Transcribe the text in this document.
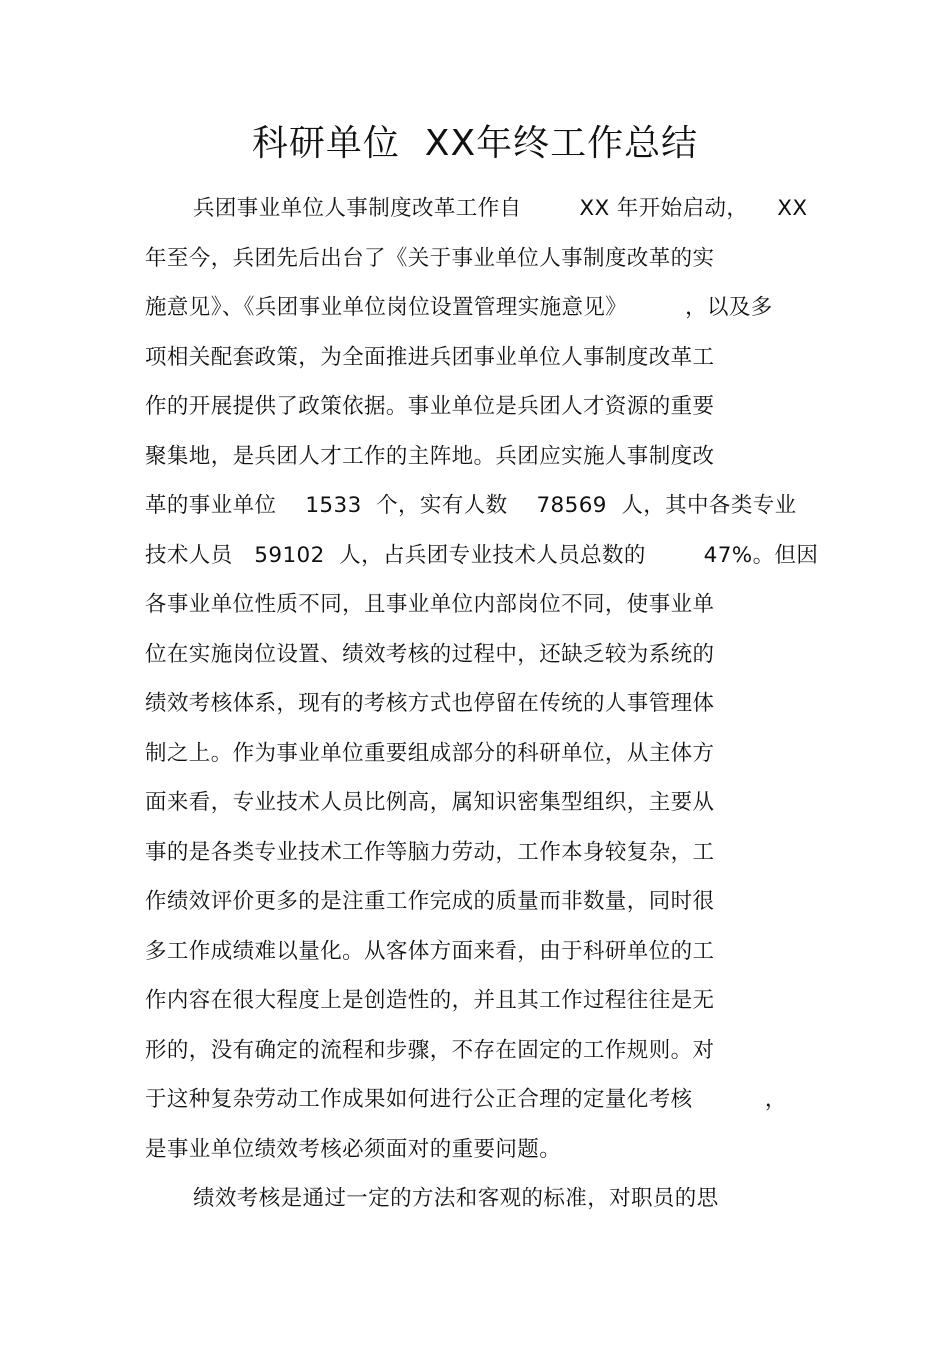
科研单位  XX年终工作总结
兵团事业单位人事制度改革工作自        XX 年开始启动，    XX
年至今，兵团先后出台了《关于事业单位人事制度改革的实
施意见》、《兵团事业单位岗位设置管理实施意见》        ，以及多
项相关配套政策，为全面推进兵团事业单位人事制度改革工
作的开展提供了政策依据。事业单位是兵团人才资源的重要
聚集地，是兵团人才工作的主阵地。兵团应实施人事制度改
革的事业单位    1533  个，实有人数    78569  人，其中各类专业
技术人员   59102  人，占兵团专业技术人员总数的        47%。但因
各事业单位性质不同，且事业单位内部岗位不同，使事业单
位在实施岗位设置、绩效考核的过程中，还缺乏较为系统的
绩效考核体系，现有的考核方式也停留在传统的人事管理体
制之上。作为事业单位重要组成部分的科研单位，从主体方
面来看，专业技术人员比例高，属知识密集型组织，主要从
事的是各类专业技术工作等脑力劳动，工作本身较复杂，工
作绩效评价更多的是注重工作完成的质量而非数量，同时很
多工作成绩难以量化。从客体方面来看，由于科研单位的工
作内容在很大程度上是创造性的，并且其工作过程往往是无
形的，没有确定的流程和步骤，不存在固定的工作规则。对
于这种复杂劳动工作成果如何进行公正合理的定量化考核          ，
是事业单位绩效考核必须面对的重要问题。
绩效考核是通过一定的方法和客观的标准，对职员的思
